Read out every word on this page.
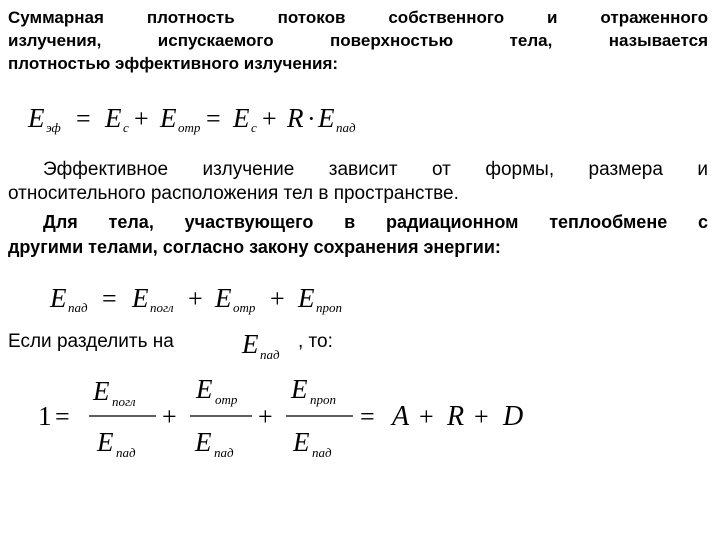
Суммарная плотность потоков собственного и отраженного
излучения, испускаемого поверхностью тела, называется
плотностью эффективного излучения:
E эф = E с + E отр = E с + R · E пад
Эффективное излучение зависит от формы, размера и
относительного расположения тел в пространстве.
Для тела, участвующего в радиационном теплообмене с
другими телами, согласно закону сохранения энергии:
E пад = E погл + E отр + E проп
Если разделить на	E пад
, то:
1 =
E погл
E пад
+
E отр
E пад
+
E проп
E пад
= A + R + D
